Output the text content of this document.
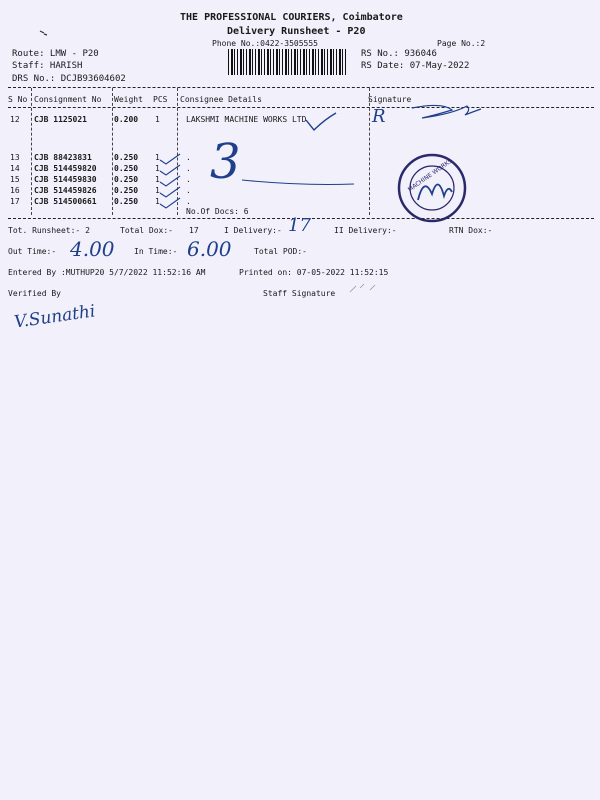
THE PROFESSIONAL COURIERS, Coimbatore
Delivery Runsheet - P20
Phone No.:0422-3505555	Page No.:2
Route: LMW - P20
Staff: HARISH
DRS No.: DCJB93604602
RS No.: 936046
RS Date: 07-May-2022
S No Consignment No Weight PCS Consignee Details	Signature
12 CJB 1125021	0.200 1	LAKSHMI MACHINE WORKS LTD
13 CJB 88423831	0.250 1	.
14 CJB 514459820 0.250 1	.
15 CJB 514459830 0.250 1	.
16 CJB 514459826 0.250 1	.
17 CJB 514500661 0.250 1	.
No.Of Docs: 6
MACHINE WORKS
3
R
Tot. Runsheet:- 2	Total Dox:- 17	I Delivery:- 17	II Delivery:-	RTN Dox:-
Out Time:- 4.00 In Time:- 6.00	Total POD:-
Entered By :MUTHUP20 5/7/2022 11:52:16 AM	Printed on: 07-05-2022 11:52:15
Verified By	Staff Signature
V.Sunathi
